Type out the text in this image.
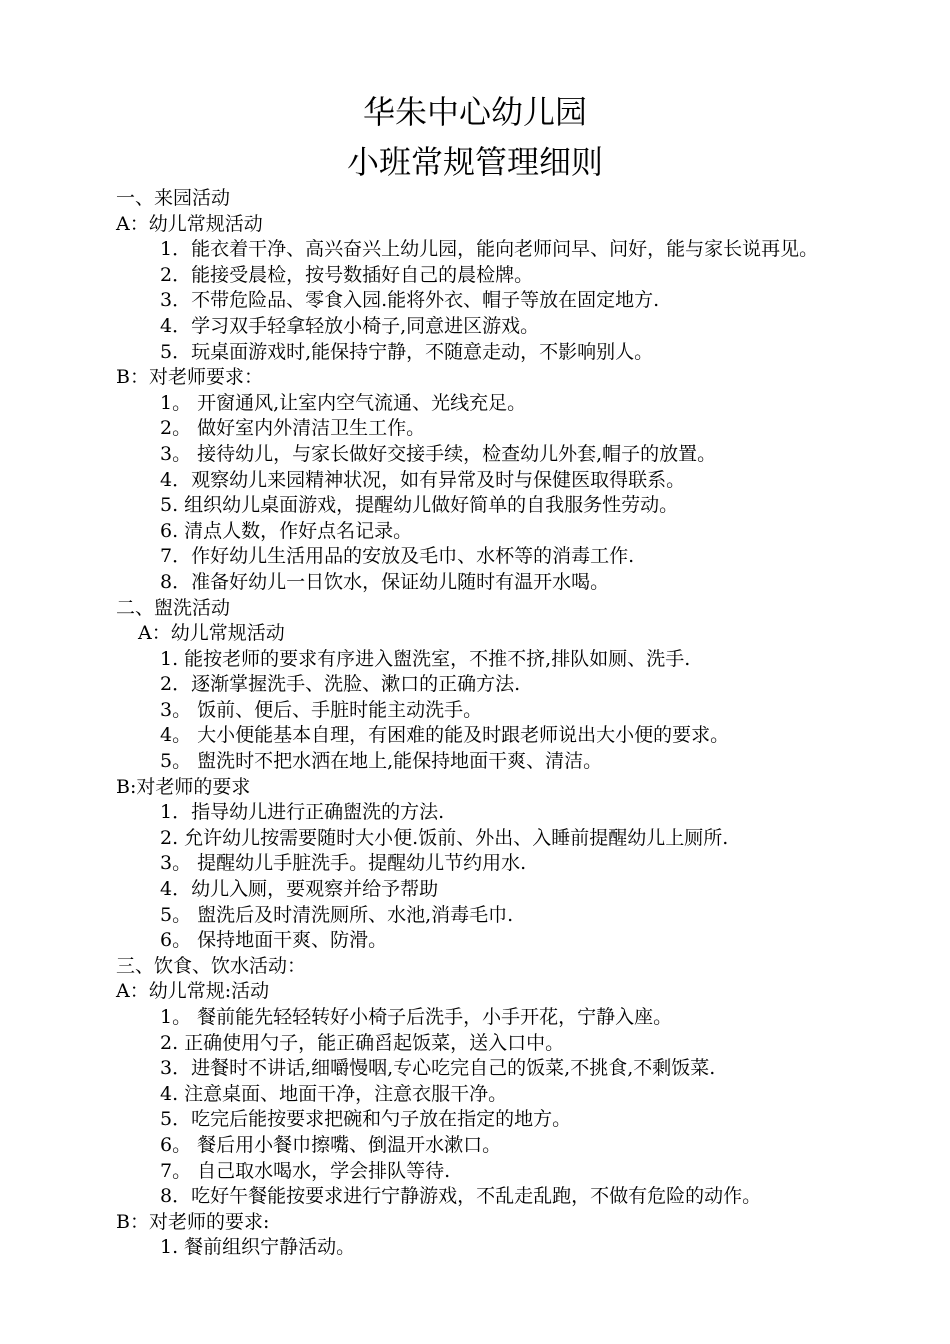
华朱中心幼儿园
小班常规管理细则
一、来园活动
A：幼儿常规活动
1．能衣着干净、高兴奋兴上幼儿园，能向老师问早、问好，能与家长说再见。
2．能接受晨检，按号数插好自己的晨检牌。
3．不带危险品、零食入园.能将外衣、帽子等放在固定地方.
4．学习双手轻拿轻放小椅子,同意进区游戏。
5．玩桌面游戏时,能保持宁静，不随意走动，不影响别人。
B：对老师要求：
1。 开窗通风,让室内空气流通、光线充足。
2。 做好室内外清洁卫生工作。
3。 接待幼儿，与家长做好交接手续，检查幼儿外套,帽子的放置。
4．观察幼儿来园精神状况，如有异常及时与保健医取得联系。
5. 组织幼儿桌面游戏，提醒幼儿做好简单的自我服务性劳动。
6. 清点人数，作好点名记录。
7．作好幼儿生活用品的安放及毛巾、水杯等的消毒工作.
8．准备好幼儿一日饮水，保证幼儿随时有温开水喝。
二、盥洗活动
A：幼儿常规活动
1. 能按老师的要求有序进入盥洗室，不推不挤,排队如厕、洗手.
2．逐渐掌握洗手、洗脸、漱口的正确方法.
3。 饭前、便后、手脏时能主动洗手。
4。 大小便能基本自理，有困难的能及时跟老师说出大小便的要求。
5。 盥洗时不把水洒在地上,能保持地面干爽、清洁。
B:对老师的要求
1．指导幼儿进行正确盥洗的方法.
2. 允许幼儿按需要随时大小便.饭前、外出、入睡前提醒幼儿上厕所.
3。 提醒幼儿手脏洗手。提醒幼儿节约用水.
4．幼儿入厕，要观察并给予帮助
5。 盥洗后及时清洗厕所、水池,消毒毛巾.
6。 保持地面干爽、防滑。
三、饮食、饮水活动：
A：幼儿常规:活动
1。 餐前能先轻轻转好小椅子后洗手，小手开花，宁静入座。
2. 正确使用勺子，能正确舀起饭菜，送入口中。
3．进餐时不讲话,细嚼慢咽,专心吃完自己的饭菜,不挑食,不剩饭菜.
4. 注意桌面、地面干净，注意衣服干净。
5．吃完后能按要求把碗和勺子放在指定的地方。
6。 餐后用小餐巾擦嘴、倒温开水漱口。
7。 自己取水喝水，学会排队等待.
8．吃好午餐能按要求进行宁静游戏，不乱走乱跑，不做有危险的动作。
B：对老师的要求:
1. 餐前组织宁静活动。
